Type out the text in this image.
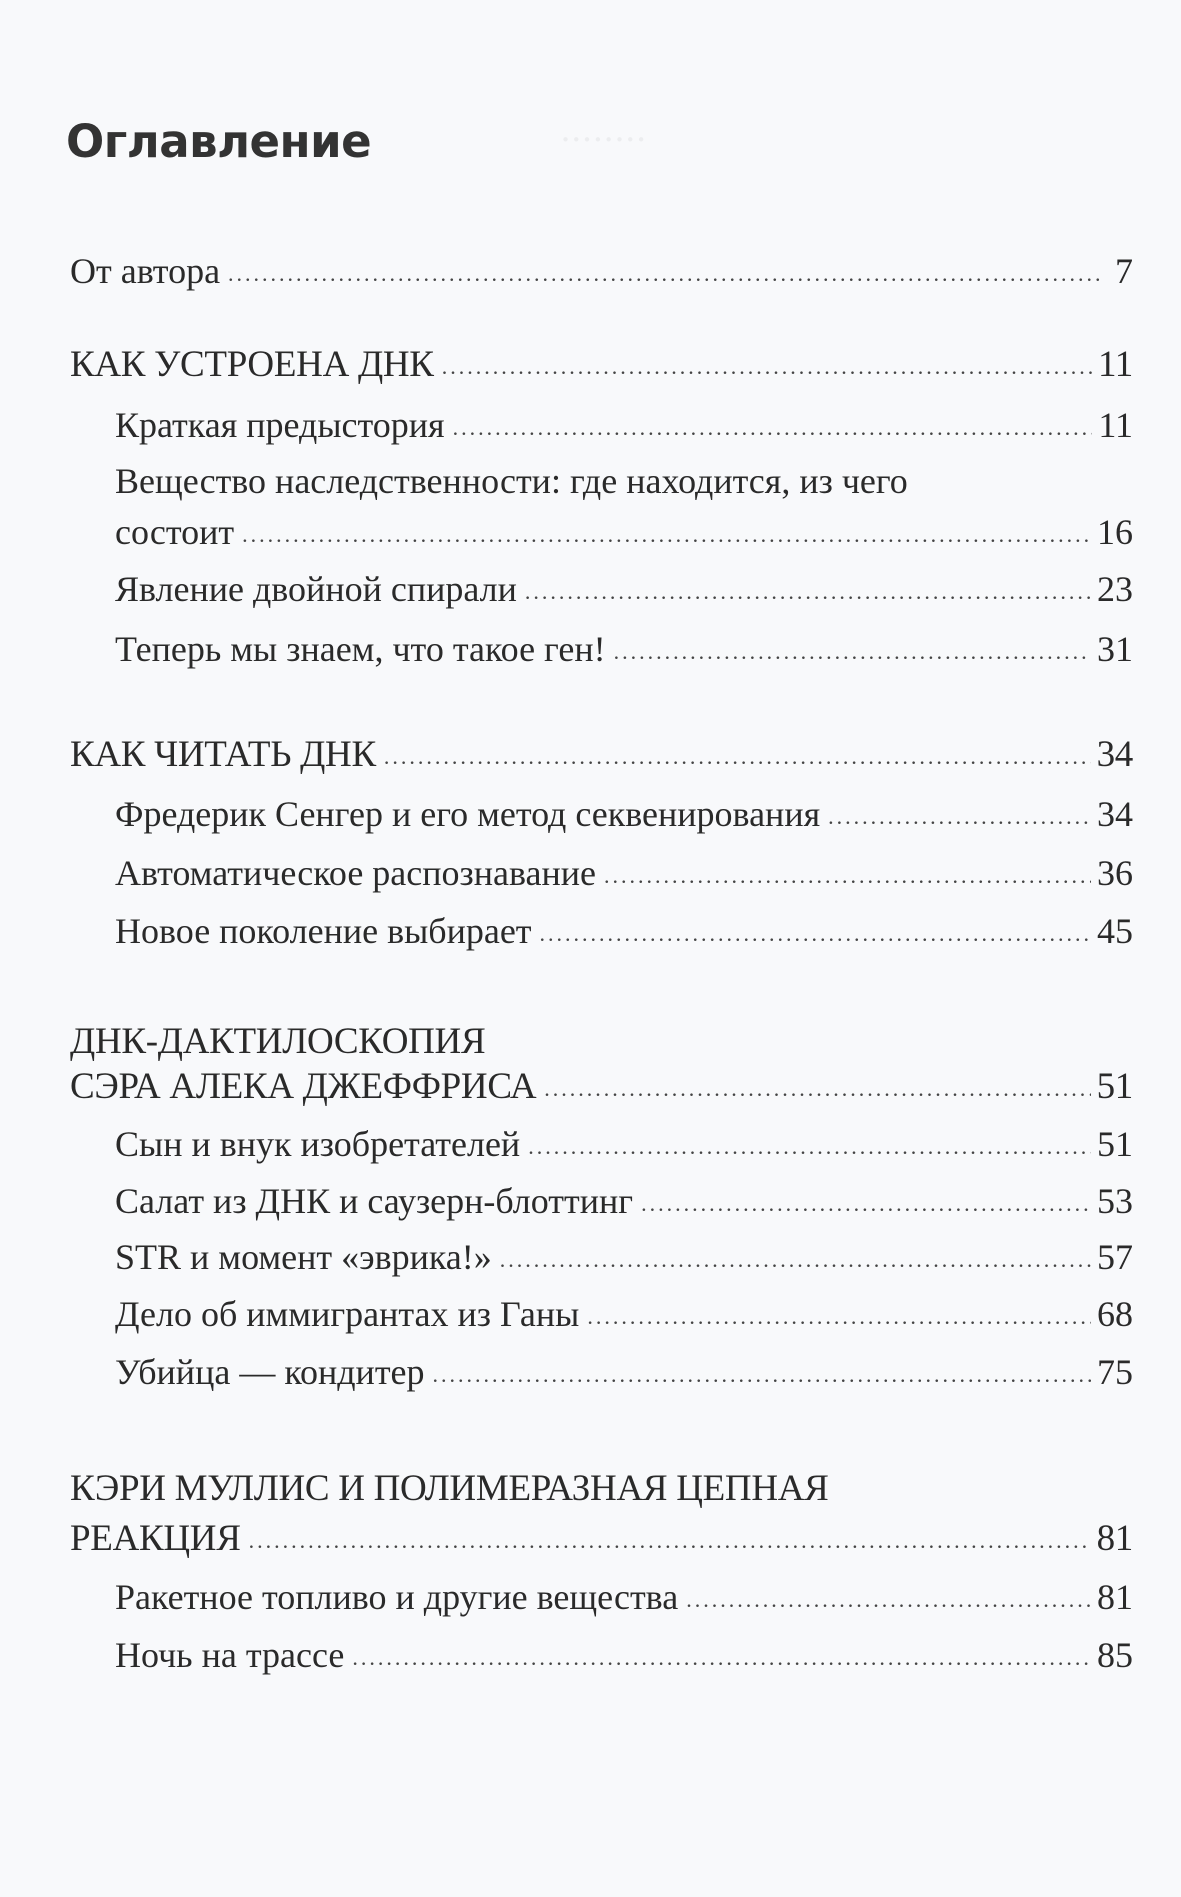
Оглавление
От автора .....	7
КАК УСТРОЕНА ДНК .....	11
Краткая предыстория .....	11
Вещество наследственности: где находится, из чего
состоит .....	16
Явление двойной спирали .....	23
Теперь мы знаем, что такое ген! .....	31
КАК ЧИТАТЬ ДНК .....	34
Фредерик Сенгер и его метод секвенирования .....	34
Автоматическое распознавание .....	36
Новое поколение выбирает .....	45
ДНК-ДАКТИЛОСКОПИЯ
СЭРА АЛЕКА ДЖЕФФРИСА .....	51
Сын и внук изобретателей .....	51
Салат из ДНК и саузерн-блоттинг .....	53
STR и момент «эврика!» .....	57
Дело об иммигрантах из Ганы .....	68
Убийца — кондитер .....	75
КЭРИ МУЛЛИС И ПОЛИМЕРАЗНАЯ ЦЕПНАЯ
РЕАКЦИЯ .....	81
Ракетное топливо и другие вещества .....	81
Ночь на трассе .....	85
